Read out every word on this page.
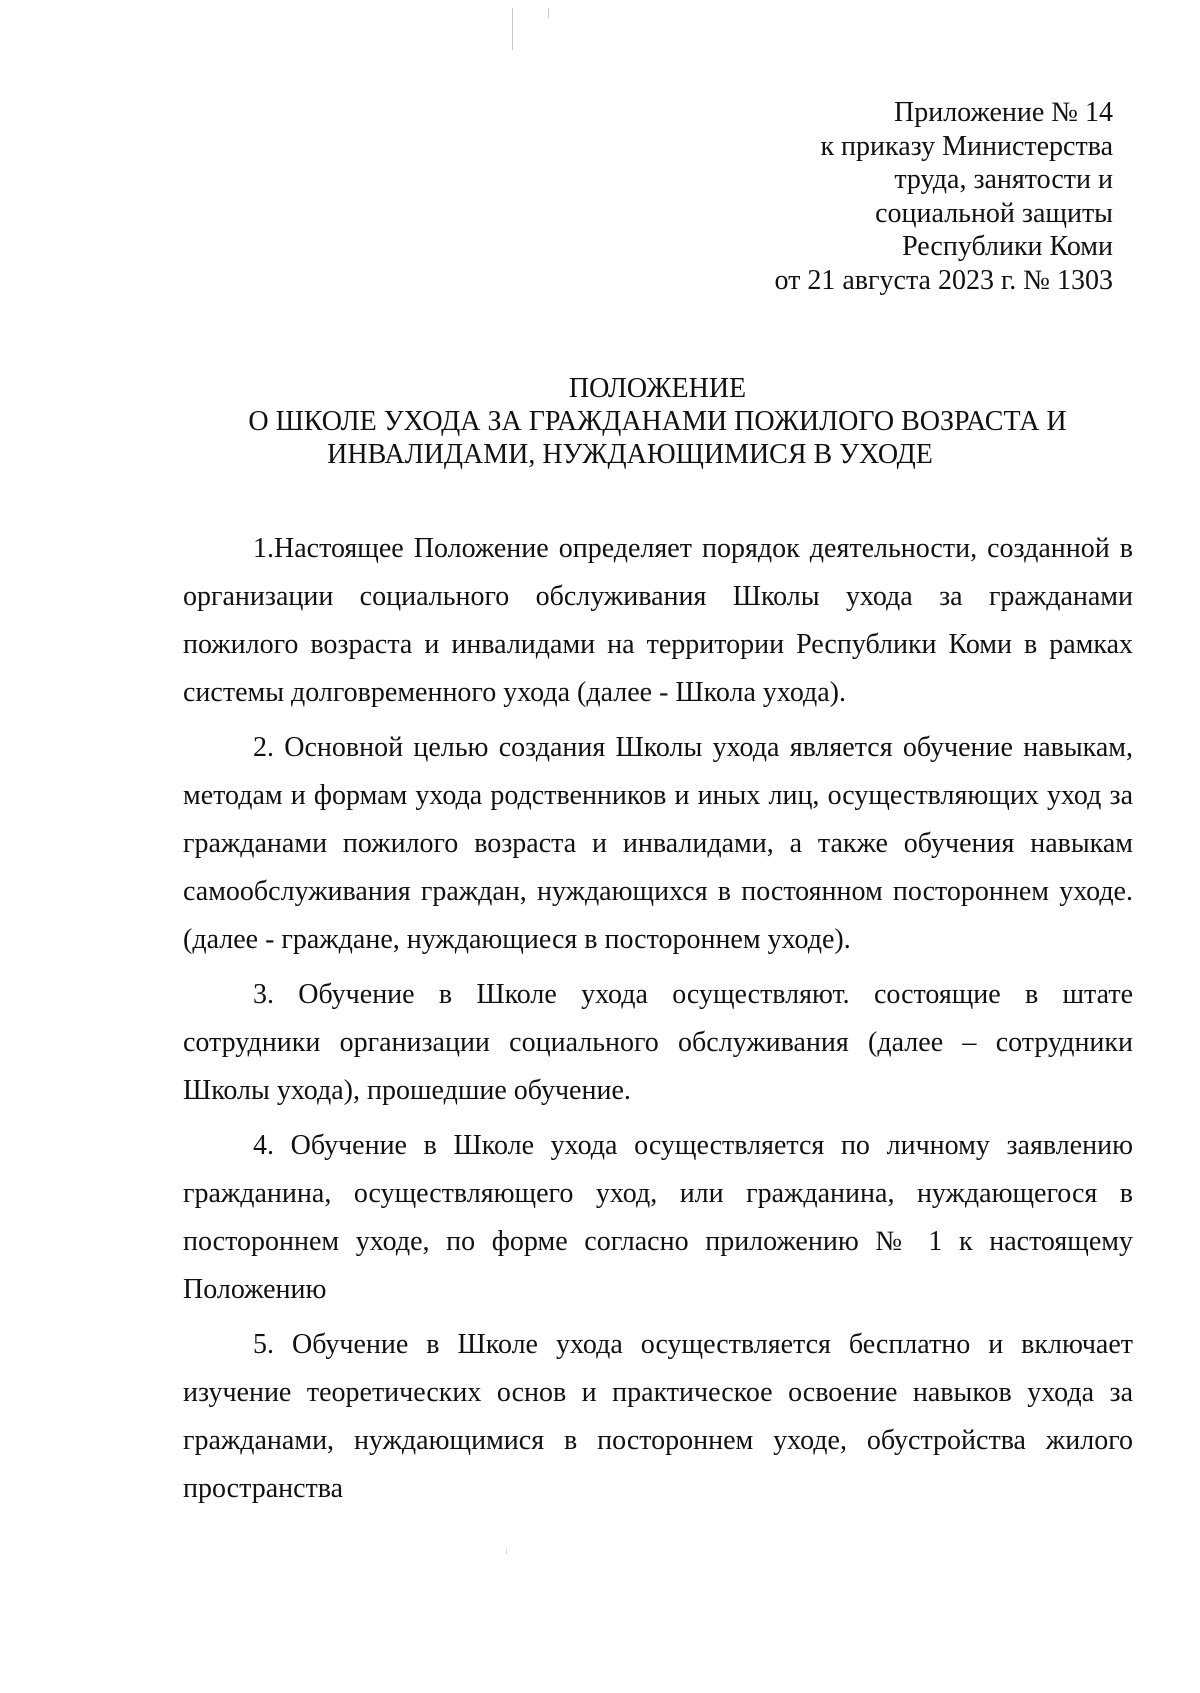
Приложение № 14
к приказу Министерства
труда, занятости и
социальной защиты
Республики Коми
от 21 августа 2023 г. № 1303
ПОЛОЖЕНИЕ
О ШКОЛЕ УХОДА ЗА ГРАЖДАНАМИ ПОЖИЛОГО ВОЗРАСТА И
ИНВАЛИДАМИ, НУЖДАЮЩИМИСЯ В УХОДЕ

1.Настоящее Положение определяет порядок деятельности, созданной в организации социального обслуживания Школы ухода за гражданами пожилого возраста и инвалидами на территории Республики Коми в рамках системы долговременного ухода (далее - Школа ухода).

2. Основной целью создания Школы ухода является обучение навыкам, методам и формам ухода родственников и иных лиц, осуществляющих уход за гражданами пожилого возраста и инвалидами, а также обучения навыкам самообслуживания граждан, нуждающихся в постоянном постороннем уходе. (далее - граждане, нуждающиеся в постороннем уходе).

3. Обучение в Школе ухода осуществляют. состоящие в штате сотрудники организации социального обслуживания (далее – сотрудники Школы ухода), прошедшие обучение.

4. Обучение в Школе ухода осуществляется по личному заявлению гражданина, осуществляющего уход, или гражданина, нуждающегося в постороннем уходе, по форме согласно приложению № 1 к настоящему Положению

5. Обучение в Школе ухода осуществляется бесплатно и включает изучение теоретических основ и практическое освоение навыков ухода за гражданами, нуждающимися в постороннем уходе, обустройства жилого пространства
